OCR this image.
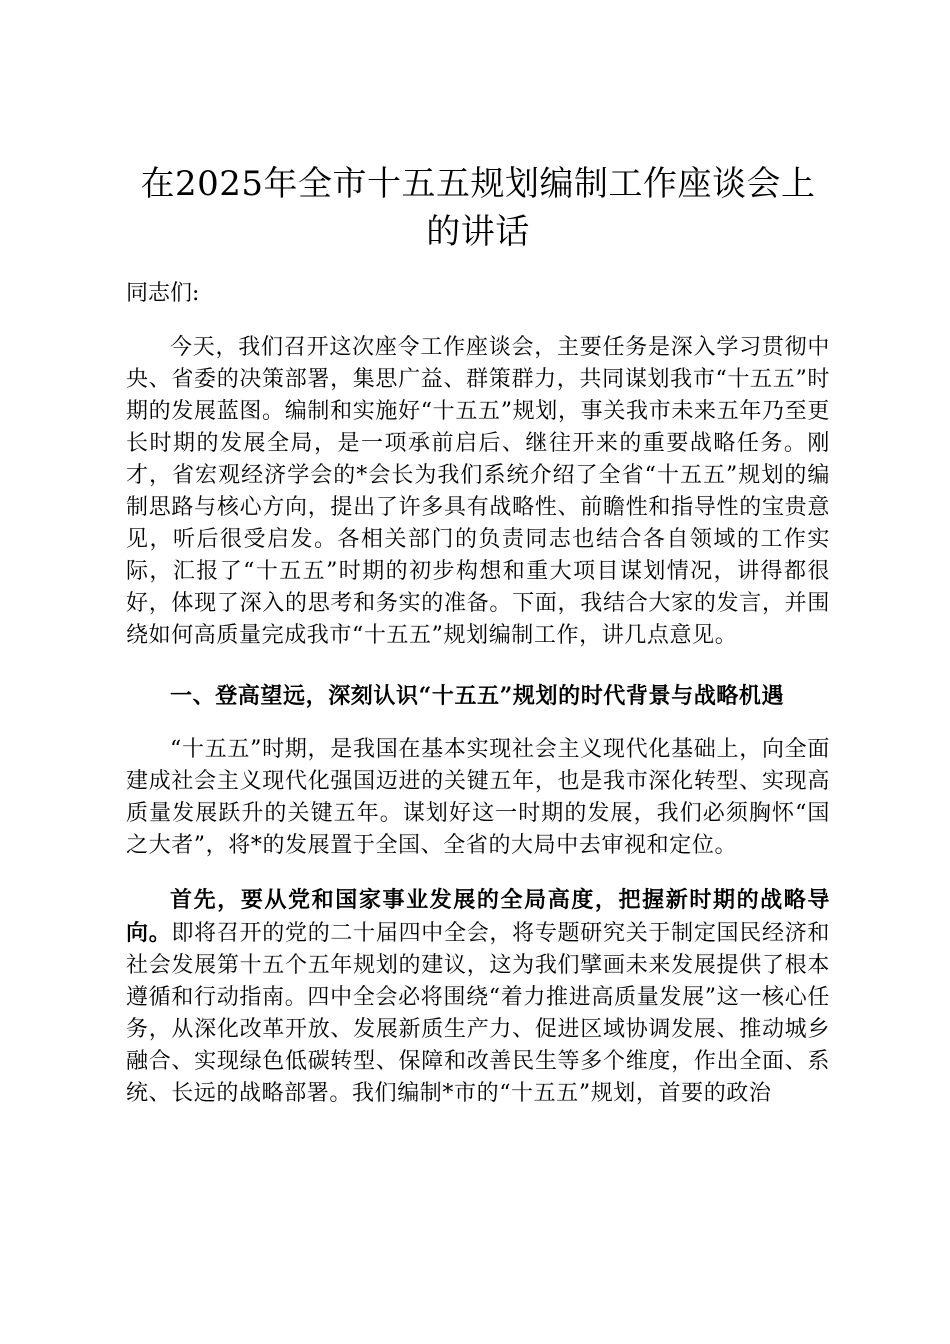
在2025年全市十五五规划编制工作座谈会上
的讲话

同志们:

今天，我们召开这次座令工作座谈会，主要任务是深入学习贯彻中央、省委的决策部署，集思广益、群策群力，共同谋划我市“十五五”时期的发展蓝图。编制和实施好“十五五”规划，事关我市未来五年乃至更长时期的发展全局，是一项承前启后、继往开来的重要战略任务。刚才，省宏观经济学会的*会长为我们系统介绍了全省“十五五”规划的编制思路与核心方向，提出了许多具有战略性、前瞻性和指导性的宝贵意见，听后很受启发。各相关部门的负责同志也结合各自领域的工作实际，汇报了“十五五”时期的初步构想和重大项目谋划情况，讲得都很好，体现了深入的思考和务实的准备。下面，我结合大家的发言，并围绕如何高质量完成我市“十五五”规划编制工作，讲几点意见。

一、登高望远，深刻认识“十五五”规划的时代背景与战略机遇

“十五五”时期，是我国在基本实现社会主义现代化基础上，向全面建成社会主义现代化强国迈进的关键五年，也是我市深化转型、实现高质量发展跃升的关键五年。谋划好这一时期的发展，我们必须胸怀“国之大者”，将*的发展置于全国、全省的大局中去审视和定位。

首先，要从党和国家事业发展的全局高度，把握新时期的战略导向。即将召开的党的二十届四中全会，将专题研究关于制定国民经济和社会发展第十五个五年规划的建议，这为我们擘画未来发展提供了根本遵循和行动指南。四中全会必将围绕“着力推进高质量发展”这一核心任务，从深化改革开放、发展新质生产力、促进区域协调发展、推动城乡融合、实现绿色低碳转型、保障和改善民生等多个维度，作出全面、系统、长远的战略部署。我们编制*市的“十五五”规划，首要的政治
